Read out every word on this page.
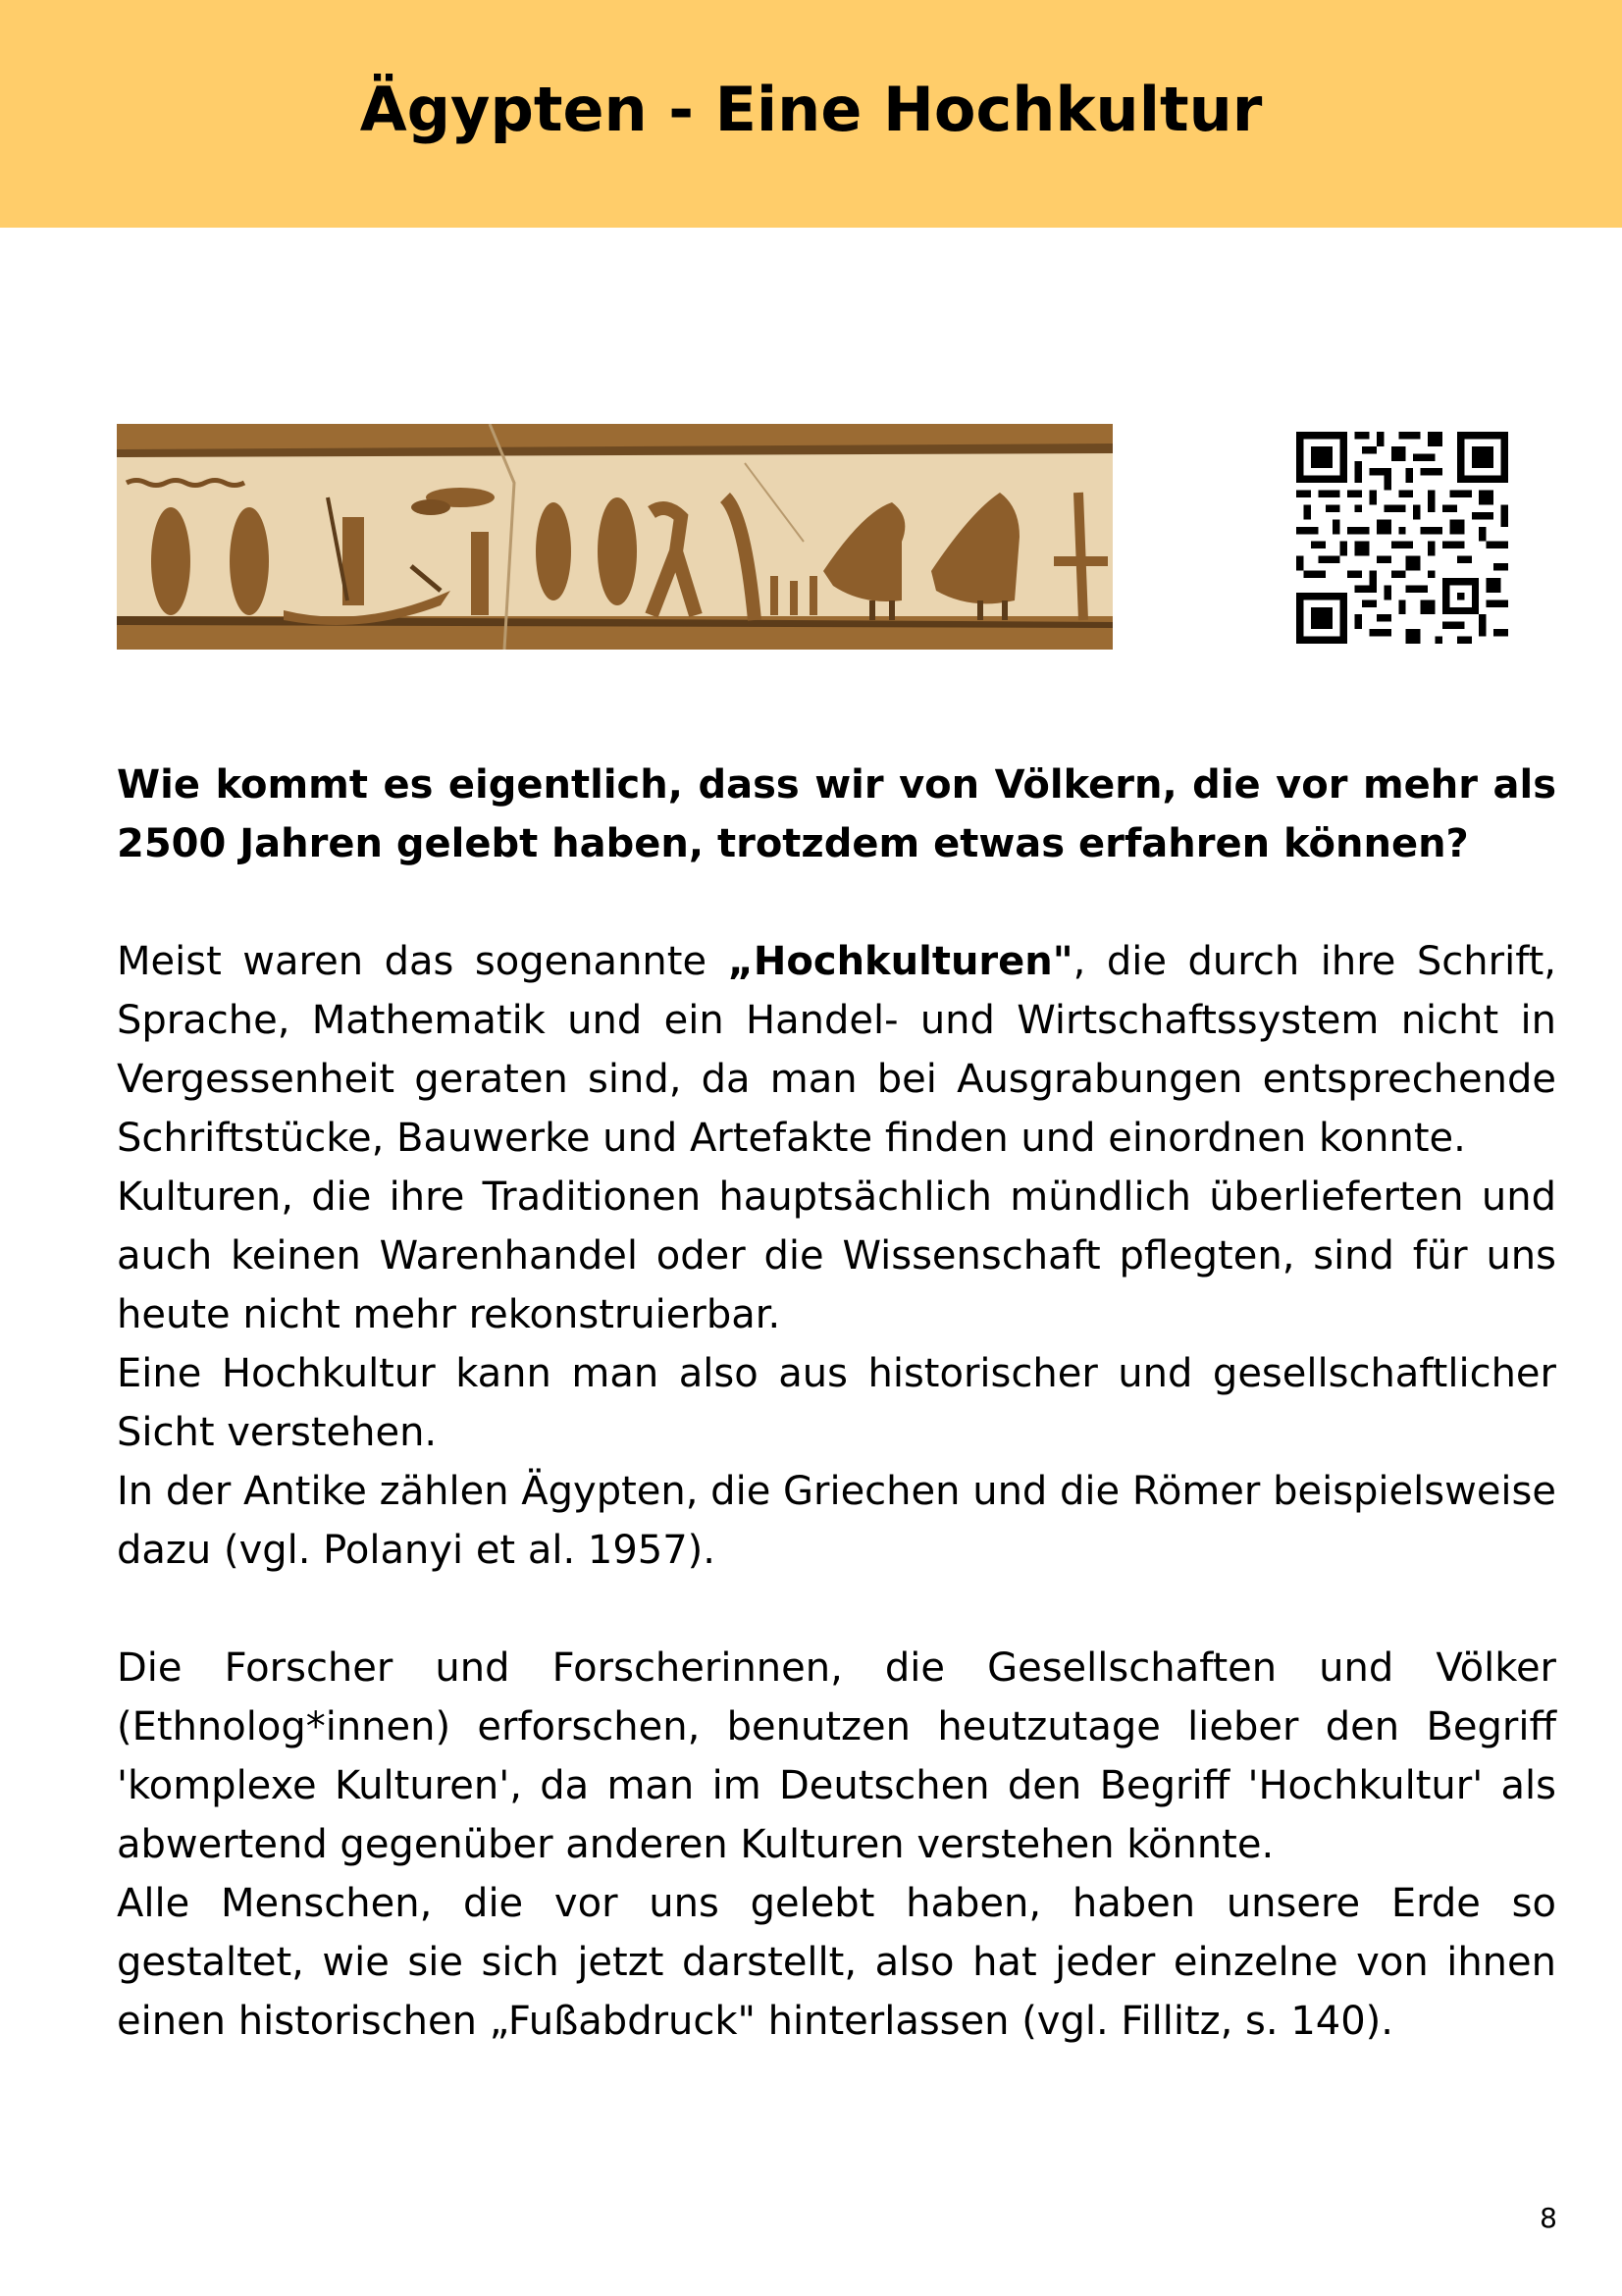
Ägypten - Eine Hochkultur

Wie kommt es eigentlich, dass wir von Völkern, die vor mehr als 2500 Jahren gelebt haben, trotzdem etwas erfahren können?

Meist waren das sogenannte „Hochkulturen", die durch ihre Schrift, Sprache, Mathematik und ein Handel- und Wirtschaftssystem nicht in Vergessenheit geraten sind, da man bei Ausgrabungen entsprechende Schriftstücke, Bauwerke und Artefakte finden und einordnen konnte.

Kulturen, die ihre Traditionen hauptsächlich mündlich überlieferten und auch keinen Warenhandel oder die Wissenschaft pflegten, sind für uns heute nicht mehr rekonstruierbar.

Eine Hochkultur kann man also aus historischer und gesellschaftlicher Sicht verstehen.

In der Antike zählen Ägypten, die Griechen und die Römer beispielsweise dazu (vgl. Polanyi et al. 1957).

Die Forscher und Forscherinnen, die Gesellschaften und Völker (Ethnolog*innen) erforschen, benutzen heutzutage lieber den Begriff 'komplexe Kulturen', da man im Deutschen den Begriff 'Hochkultur' als abwertend gegenüber anderen Kulturen verstehen könnte.

Alle Menschen, die vor uns gelebt haben, haben unsere Erde so gestaltet, wie sie sich jetzt darstellt, also hat jeder einzelne von ihnen einen historischen „Fußabdruck" hinterlassen (vgl. Fillitz, s. 140).

8
